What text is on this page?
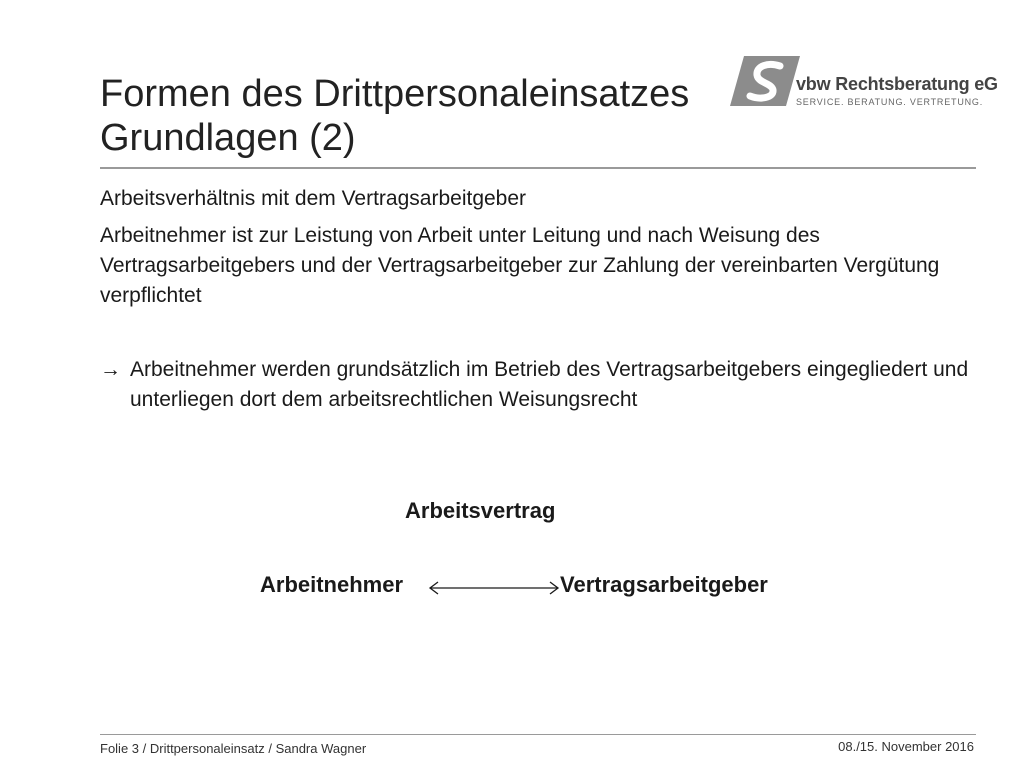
Formen des Drittpersonaleinsatzes
Grundlagen (2)
vbw Rechtsberatung eG
SERVICE. BERATUNG. VERTRETUNG.

Arbeitsverhältnis mit dem Vertragsarbeitgeber

Arbeitnehmer ist zur Leistung von Arbeit unter Leitung und nach Weisung des Vertragsarbeitgebers und der Vertragsarbeitgeber zur Zahlung der vereinbarten Vergütung verpflichtet

→ Arbeitnehmer werden grundsätzlich im Betrieb des Vertragsarbeitgebers eingegliedert und unterliegen dort dem arbeitsrechtlichen Weisungsrecht
Arbeitsvertrag
Arbeitnehmer	Vertragsarbeitgeber
Folie 3 / Drittpersonaleinsatz / Sandra Wagner	08./15. November 2016
